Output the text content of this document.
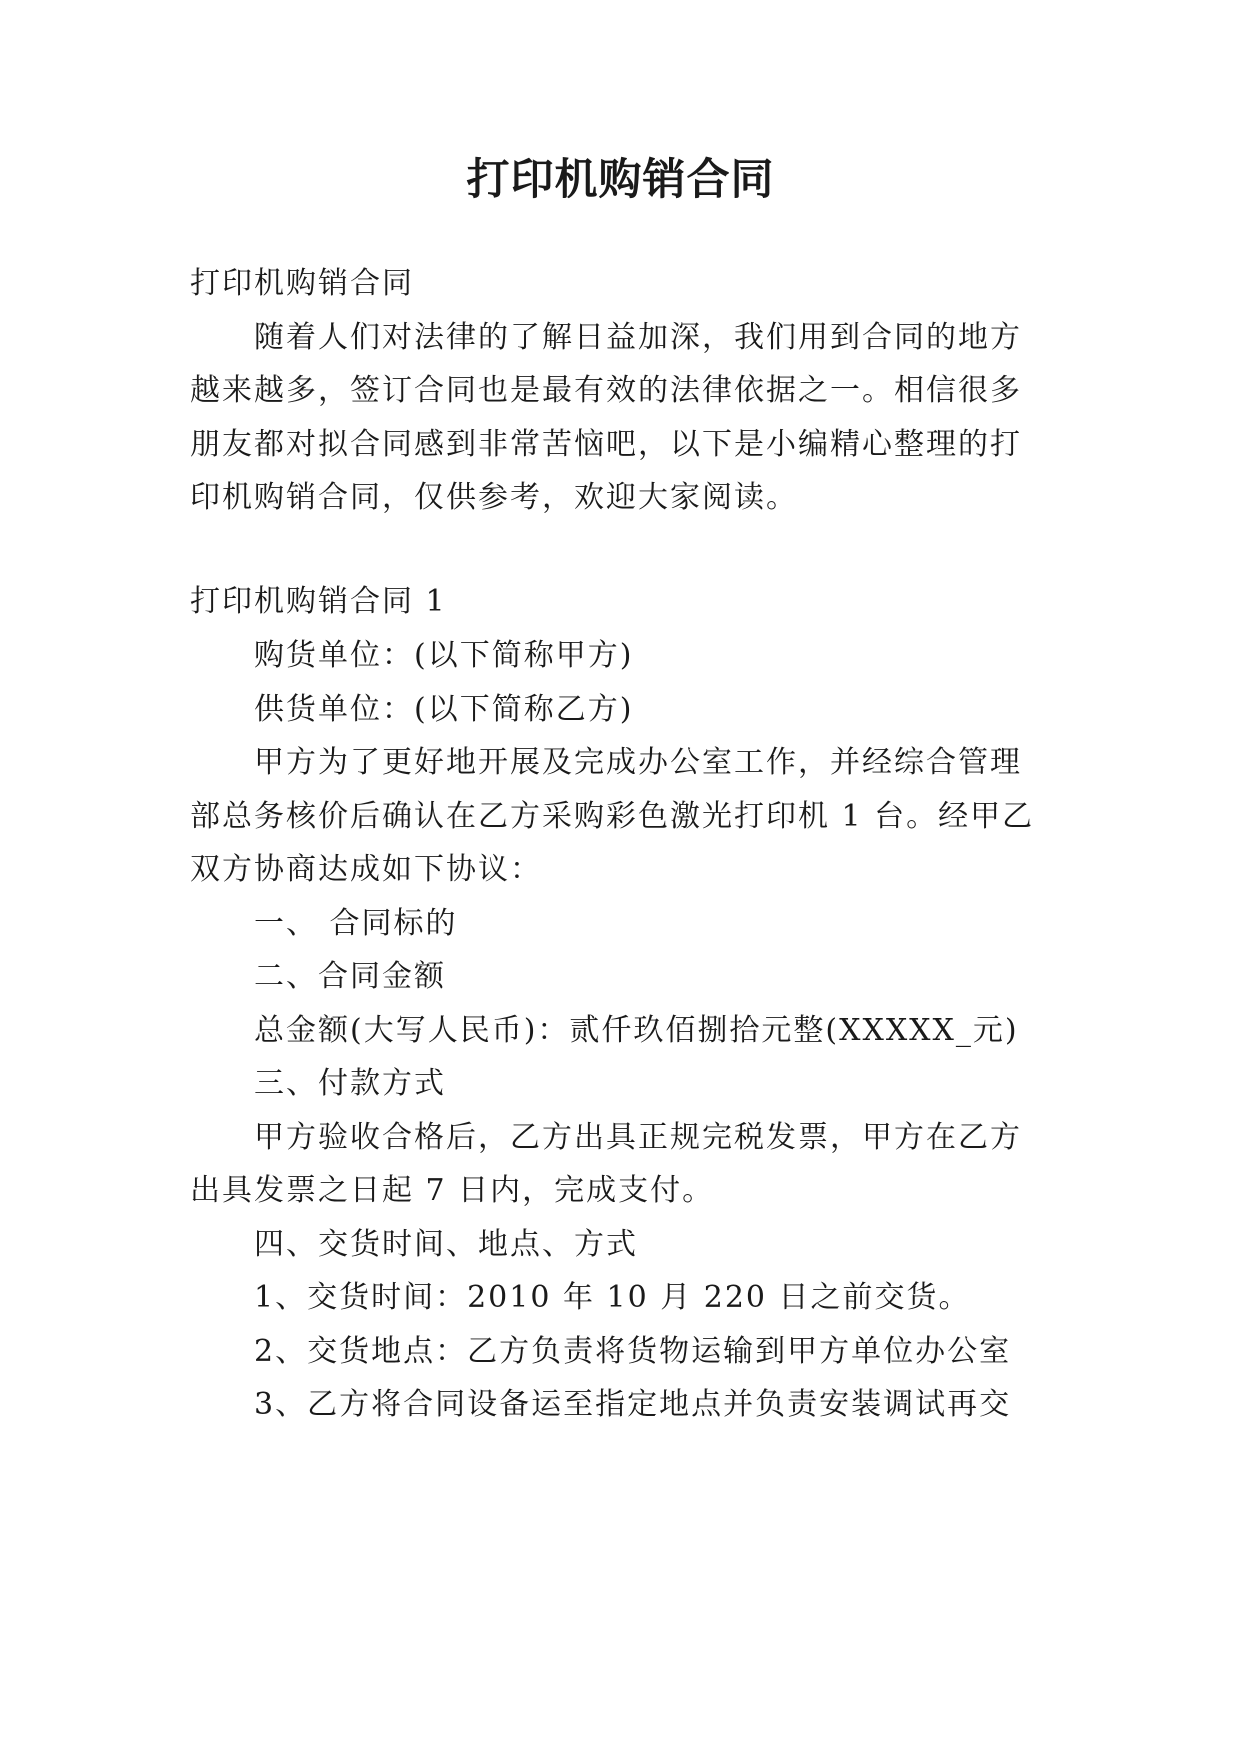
打印机购销合同
打印机购销合同
随着人们对法律的了解日益加深，我们用到合同的地方
越来越多，签订合同也是最有效的法律依据之一。相信很多
朋友都对拟合同感到非常苦恼吧，以下是小编精心整理的打
印机购销合同，仅供参考，欢迎大家阅读。
打印机购销合同 1
购货单位：(以下简称甲方)
供货单位：(以下简称乙方)
甲方为了更好地开展及完成办公室工作，并经综合管理
部总务核价后确认在乙方采购彩色激光打印机 1 台。经甲乙
双方协商达成如下协议：
一、 合同标的
二、合同金额
总金额(大写人民币)：贰仟玖佰捌拾元整(XXXXX_元)
三、付款方式
甲方验收合格后，乙方出具正规完税发票，甲方在乙方
出具发票之日起 7 日内，完成支付。
四、交货时间、地点、方式
1、交货时间：2010 年 10 月 220 日之前交货。
2、交货地点：乙方负责将货物运输到甲方单位办公室
3、乙方将合同设备运至指定地点并负责安装调试再交
